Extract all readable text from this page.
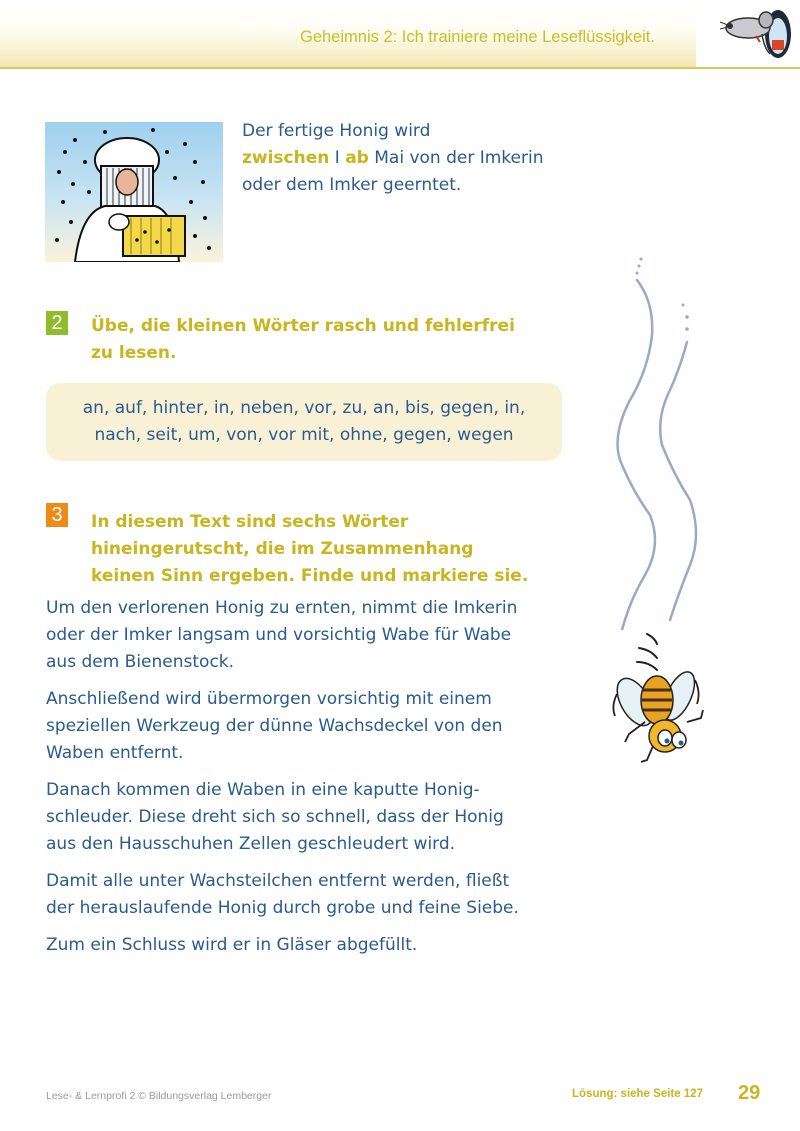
Geheimnis 2: Ich trainiere meine Leseflüssigkeit.
Der fertige Honig wird
zwischen I ab Mai von der Imkerin
oder dem Imker geerntet.
2	Übe, die kleinen Wörter rasch und fehlerfrei
zu lesen.
an, auf, hinter, in, neben, vor, zu, an, bis, gegen, in,
nach, seit, um, von, vor mit, ohne, gegen, wegen
3	In diesem Text sind sechs Wörter
hineingerutscht, die im Zusammenhang
keinen Sinn ergeben. Finde und markiere sie.

Um den verlorenen Honig zu ernten, nimmt die Imkerin
oder der Imker langsam und vorsichtig Wabe für Wabe
aus dem Bienenstock.

Anschließend wird übermorgen vorsichtig mit einem
speziellen Werkzeug der dünne Wachsdeckel von den
Waben entfernt.

Danach kommen die Waben in eine kaputte Honig-
schleuder. Diese dreht sich so schnell, dass der Honig
aus den Hausschuhen Zellen geschleudert wird.

Damit alle unter Wachsteilchen entfernt werden, fließt
der herauslaufende Honig durch grobe und feine Siebe.

Zum ein Schluss wird er in Gläser abgefüllt.

Lese- & Lernprofi 2 © Bildungsverlag Lemberger	Lösung: siehe Seite 127 29
